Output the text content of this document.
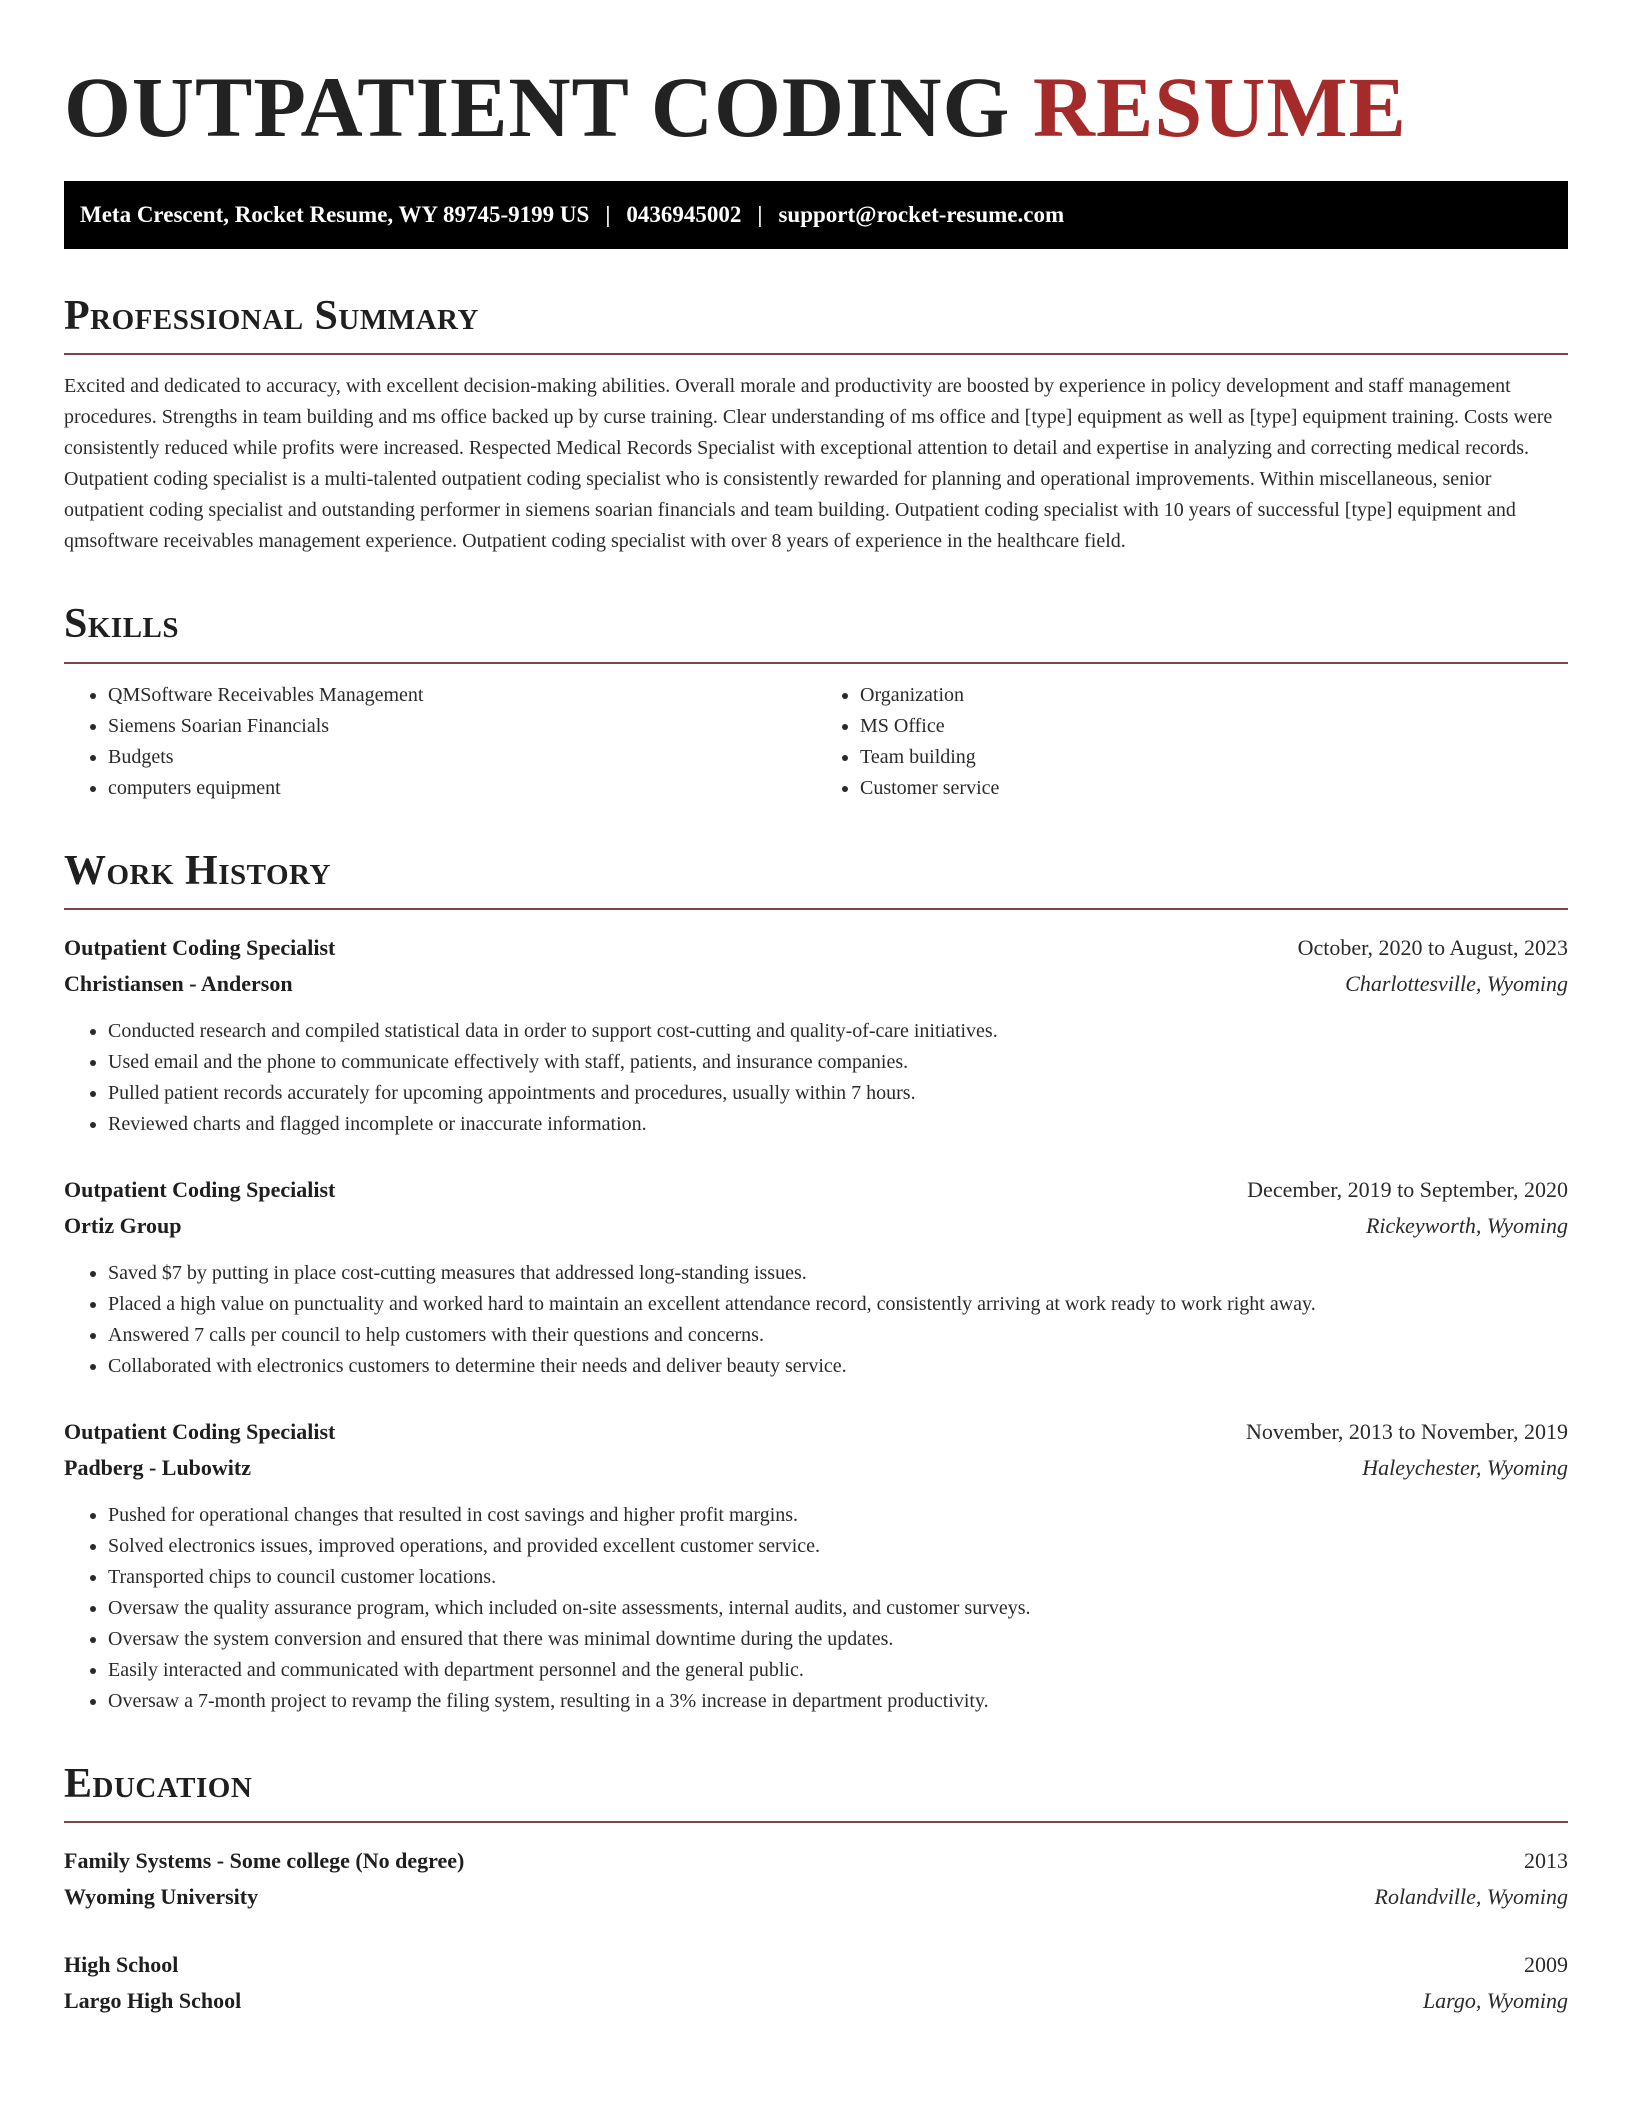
OUTPATIENT CODING RESUME
Meta Crescent, Rocket Resume, WY 89745-9199 US | 0436945002 | support@rocket-resume.com
Professional Summary

Excited and dedicated to accuracy, with excellent decision-making abilities. Overall morale and productivity are boosted by experience in policy development and staff management procedures. Strengths in team building and ms office backed up by curse training. Clear understanding of ms office and [type] equipment as well as [type] equipment training. Costs were consistently reduced while profits were increased. Respected Medical Records Specialist with exceptional attention to detail and expertise in analyzing and correcting medical records. Outpatient coding specialist is a multi-talented outpatient coding specialist who is consistently rewarded for planning and operational improvements. Within miscellaneous, senior outpatient coding specialist and outstanding performer in siemens soarian financials and team building. Outpatient coding specialist with 10 years of successful [type] equipment and qmsoftware receivables management experience. Outpatient coding specialist with over 8 years of experience in the healthcare field.

Skills
• QMSoftware Receivables Management
• Siemens Soarian Financials
• Budgets
• computers equipment
• Organization
• MS Office
• Team building
• Customer service
Work History
Outpatient Coding Specialist	October, 2020 to August, 2023
Christiansen - Anderson	Charlottesville, Wyoming
• Conducted research and compiled statistical data in order to support cost-cutting and quality-of-care initiatives.
• Used email and the phone to communicate effectively with staff, patients, and insurance companies.
• Pulled patient records accurately for upcoming appointments and procedures, usually within 7 hours.
• Reviewed charts and flagged incomplete or inaccurate information.
Outpatient Coding Specialist	December, 2019 to September, 2020
Ortiz Group	Rickeyworth, Wyoming
• Saved $7 by putting in place cost-cutting measures that addressed long-standing issues.
• Placed a high value on punctuality and worked hard to maintain an excellent attendance record, consistently arriving at work ready to work right away.
• Answered 7 calls per council to help customers with their questions and concerns.
• Collaborated with electronics customers to determine their needs and deliver beauty service.
Outpatient Coding Specialist	November, 2013 to November, 2019
Padberg - Lubowitz	Haleychester, Wyoming
• Pushed for operational changes that resulted in cost savings and higher profit margins.
• Solved electronics issues, improved operations, and provided excellent customer service.
• Transported chips to council customer locations.
• Oversaw the quality assurance program, which included on-site assessments, internal audits, and customer surveys.
• Oversaw the system conversion and ensured that there was minimal downtime during the updates.
• Easily interacted and communicated with department personnel and the general public.
• Oversaw a 7-month project to revamp the filing system, resulting in a 3% increase in department productivity.
Education
Family Systems - Some college (No degree)	2013
Wyoming University	Rolandville, Wyoming
High School	2009
Largo High School	Largo, Wyoming
